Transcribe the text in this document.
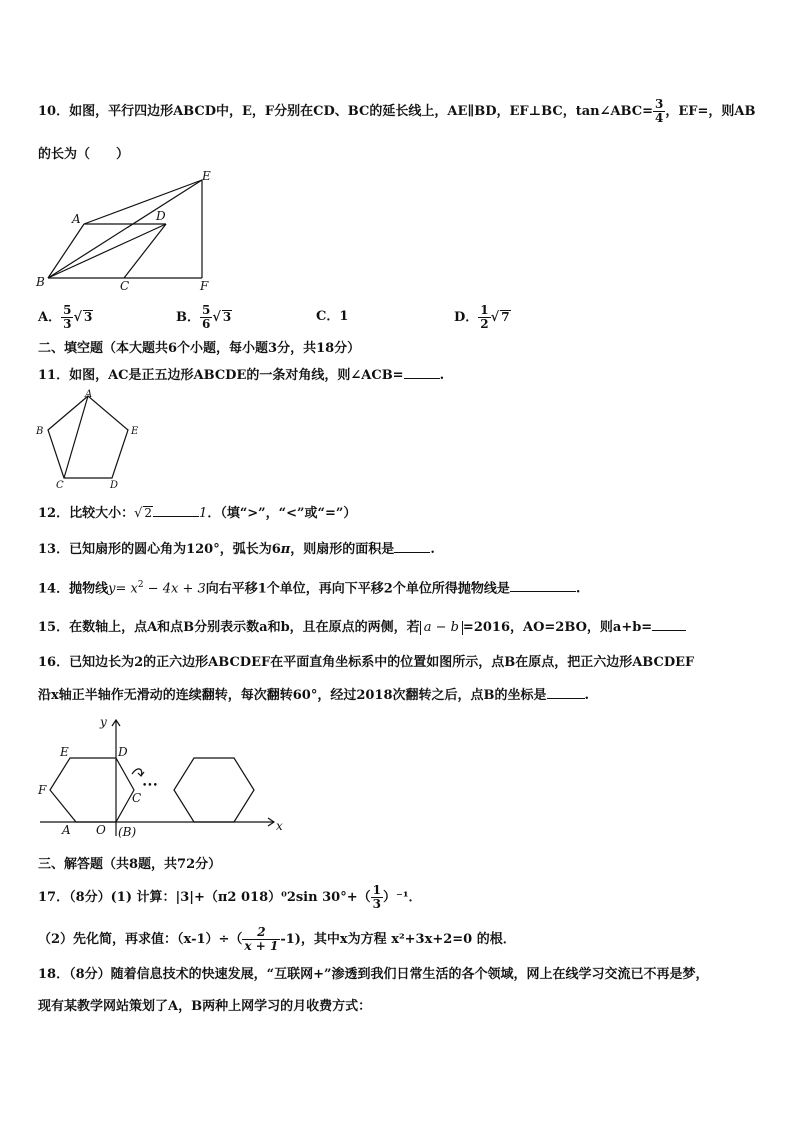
10．如图，平行四边形ABCD中，E，F分别在CD、BC的延长线上，AE∥BD，EF⊥BC，tan∠ABC= $\frac{3}{4}$ ，EF=，则AB
的长为（　　）
A	D
E
B	C	F
A． $\frac{5}{3}$ √ 3	B． $\frac{5}{6}$ √ 3	C．1	D． $\frac{1}{2}$ √ 7
二、填空题（本大题共6个小题，每小题3分，共18分）
11．如图，AC是正五边形ABCDE的一条对角线，则∠ACB=	.
A
B	E
C	D
12．比较大小：√ 2	1．（填“>”，“<”或“=”）
13．已知扇形的圆心角为120°，弧长为6π，则扇形的面积是	.
14．抛物线$y= x^2 - 4x + 3$向右平移1个单位，再向下平移2个单位所得抛物线是	.
15．在数轴上，点A和点B分别表示数a和b，且在原点的两侧，若 a − b =2016，AO=2BO，则a+b=
16．已知边长为2的正六边形ABCDEF在平面直角坐标系中的位置如图所示，点B在原点，把正六边形ABCDEF
沿x轴正半轴作无滑动的连续翻转，每次翻转60°，经过2018次翻转之后，点B的坐标是	.
y
x
E	D
F
C
A O (B)
•••
三、解答题（共8题，共72分）
17．（8分）(1) 计算：|3|+（π2 018）⁰2sin $30^\circ+( \frac{1}{3} )^{-1}$．
（2）先化简，再求值：$(x-1)\div( \frac{2}{x + 1} -1)$，其中x为方程 x²+3x+2=0 的根．
18．（8分）随着信息技术的快速发展，“互联网+”渗透到我们日常生活的各个领域，网上在线学习交流已不再是梦，
现有某教学网站策划了A，B两种上网学习的月收费方式：
